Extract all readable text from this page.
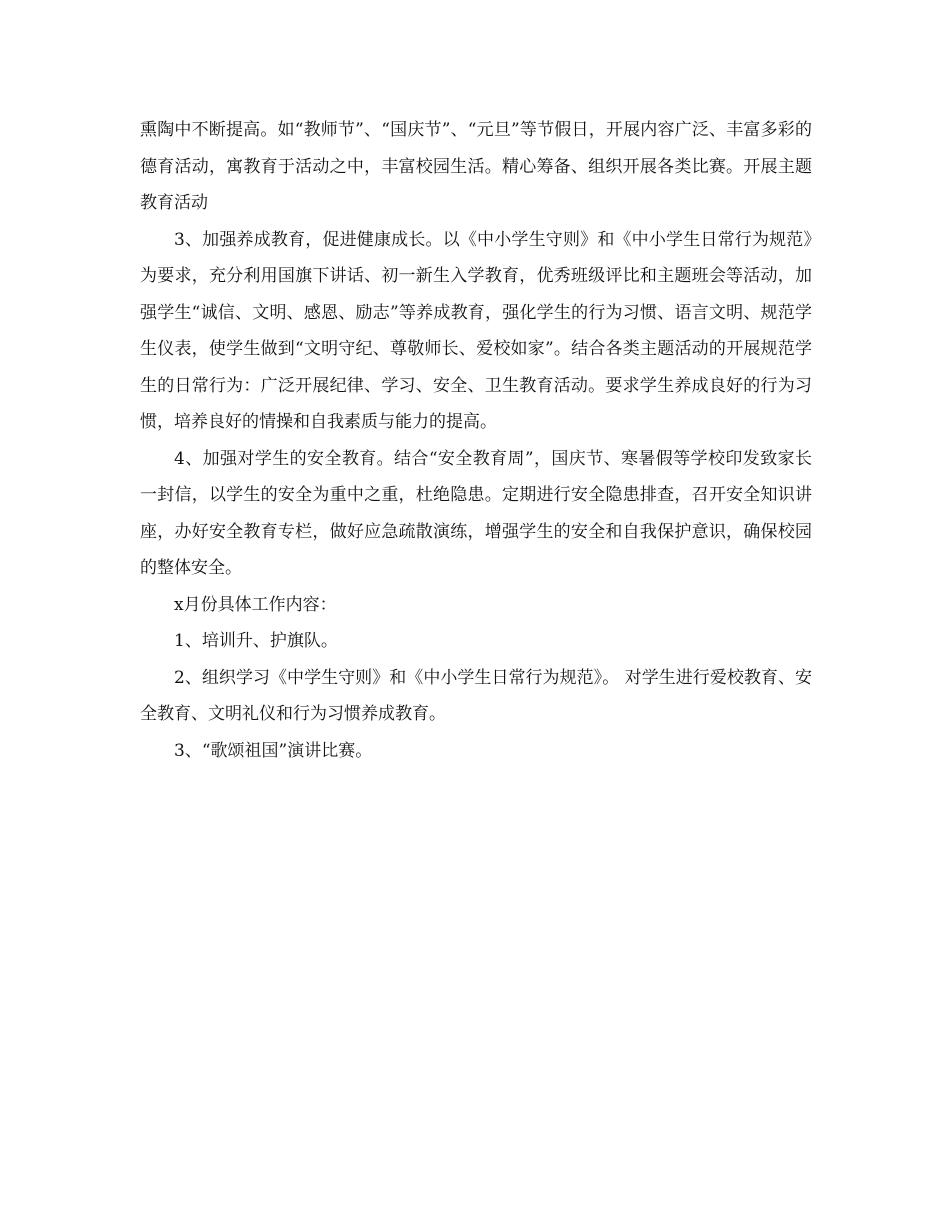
熏陶中不断提高。如“教师节”、“国庆节”、“元旦”等节假日，开展内容广泛、丰富多彩的德育活动，寓教育于活动之中，丰富校园生活。精心筹备、组织开展各类比赛。开展主题教育活动

3、加强养成教育，促进健康成长。以《中小学生守则》和《中小学生日常行为规范》为要求，充分利用国旗下讲话、初一新生入学教育，优秀班级评比和主题班会等活动，加强学生“诚信、文明、感恩、励志”等养成教育，强化学生的行为习惯、语言文明、规范学生仪表，使学生做到“文明守纪、尊敬师长、爱校如家”。结合各类主题活动的开展规范学生的日常行为：广泛开展纪律、学习、安全、卫生教育活动。要求学生养成良好的行为习惯，培养良好的情操和自我素质与能力的提高。

4、加强对学生的安全教育。结合“安全教育周”，国庆节、寒暑假等学校印发致家长一封信，以学生的安全为重中之重，杜绝隐患。定期进行安全隐患排查，召开安全知识讲座，办好安全教育专栏，做好应急疏散演练，增强学生的安全和自我保护意识，确保校园的整体安全。

x月份具体工作内容：

1、培训升、护旗队。

2、组织学习《中学生守则》和《中小学生日常行为规范》。 对学生进行爱校教育、安全教育、文明礼仪和行为习惯养成教育。

3、“歌颂祖国”演讲比赛。
